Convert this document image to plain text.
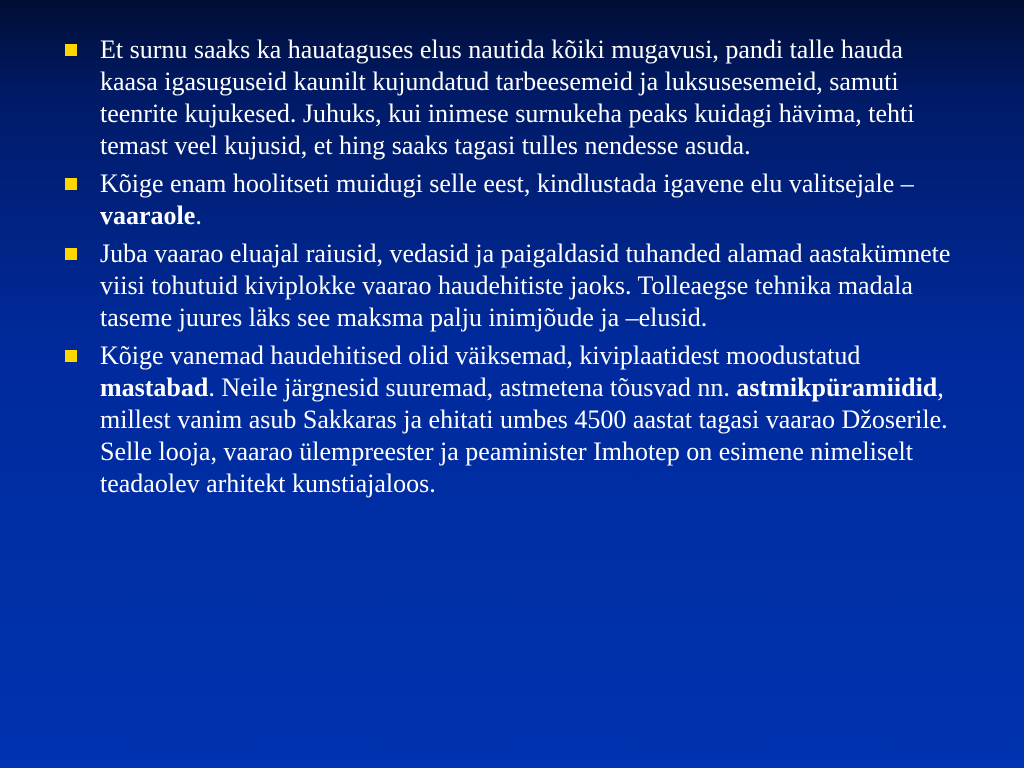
Et surnu saaks ka hauataguses elus nautida kõiki mugavusi, pandi talle hauda kaasa igasuguseid kaunilt kujundatud tarbeesemeid ja luksusesemeid, samuti teenrite kujukesed. Juhuks, kui inimese surnukeha peaks kuidagi hävima, tehti temast veel kujusid, et hing saaks tagasi tulles nendesse asuda.
Kõige enam hoolitseti muidugi selle eest, kindlustada igavene elu valitsejale – vaaraole.
Juba vaarao eluajal raiusid, vedasid ja paigaldasid tuhanded alamad aastakümnete viisi tohutuid kiviplokke vaarao haudehitiste jaoks. Tolleaegse tehnika madala taseme juures läks see maksma palju inimjõude ja –elusid.
Kõige vanemad haudehitised olid väiksemad, kiviplaatidest moodustatud mastabad. Neile järgnesid suuremad, astmetena tõusvad nn. astmikpüramiidid, millest vanim asub Sakkaras ja ehitati umbes 4500 aastat tagasi vaarao Džoserile. Selle looja, vaarao ülempreester ja peaminister Imhotep on esimene nimeliselt teadaolev arhitekt kunstiajaloos.
